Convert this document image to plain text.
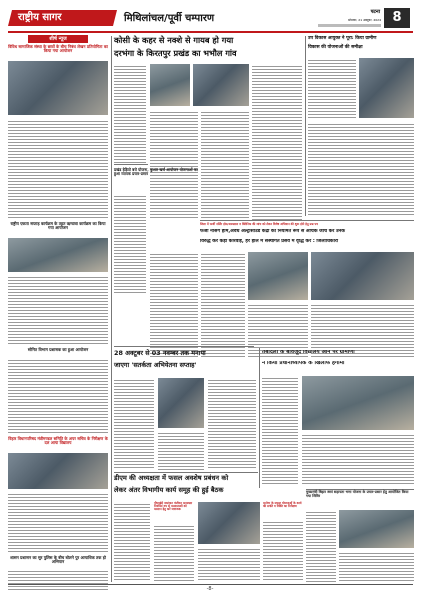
राष्ट्रीय सागर	मिथिलांचल/पूर्वी चम्पारण
पटना
सोमवार, 21 अक्टूबर, 2024 8
शीर्ष न्यूज
विविध सामाजिक संस्था के छात्रों के बीच निबंध लेखन प्रतियोगिता का किया गया आयोजन
राष्ट्रीय एकता सप्ताह कार्यक्रम के तहत ऋग्वत्वा कार्यक्रम का किया गया आयोजन
सोनित विभाग प्रशासक का हुआ आयोजन
विहार विधानपरिषद मंत्रीमण्डल समिति के अपर सचिव के निरीक्षण के दल आया विद्यालय
शासन प्रशासन का सुर पुलिस के बीच बोलने पुर अत्याधिक तक हो अभियान
कोसी के कहर से नक्शे से गायब हो गया
दरभंगा के किरतपुर प्रखंड का भभौल गांव
उप विकास आयुक्त ने पूरा: किया ग्रामीण
विकास की योजनाओं की समीक्षा
प्रखंड हेड़ियो बरो योजना, कुशल खर्च आयोजन योजनाओं का हुआ व्यापक प्रचार-प्रसार
जिला में फर्जी नर्सिंग होम/अस्पताल व क्लिनिक की जांच को लेकर विशेष अभियान की शुरू होने हेतु प्रश्न पत्र
फर्जी नर्सिंग होम,अवैध अल्ट्रासाउंड केंद्रों का नियमित रूप से औचक जांच कर उनके
विरुद्ध करें कड़ी कार्रवाई, हर हाल में संस्थागत प्रसव में वृद्धि करें : जिलाधिकारी
28 अक्टूबर से 03 नवम्बर तक मनाया
जाएगा 'सतर्कता अभियेतना सप्ताह'
तबादला के बावजूद विद्यालय आने पर ग्रामीणों
ने किया प्रधानाध्यापक के खिलाफ हंगामा
डीएम की अध्यक्षता में फसल अवशेष प्रबंधन को
लेकर अंतर विभागीय कार्य समूह की हुई बैठक
पीएमईई नामांकन पंजीयन सदस्यता नियमित रुप से मतदाताओं को मतदान हेतु करें जागरूक
मनरेगा के सफल योजनाओं के कार्य की प्रगति व रिक्ति का निरीक्षण
मुख्यमंत्री बिहार स्वयं सहायता भत्ता योजना के प्रचार-प्रसार हेतु आयोजित किया गया शिविर
-8-
